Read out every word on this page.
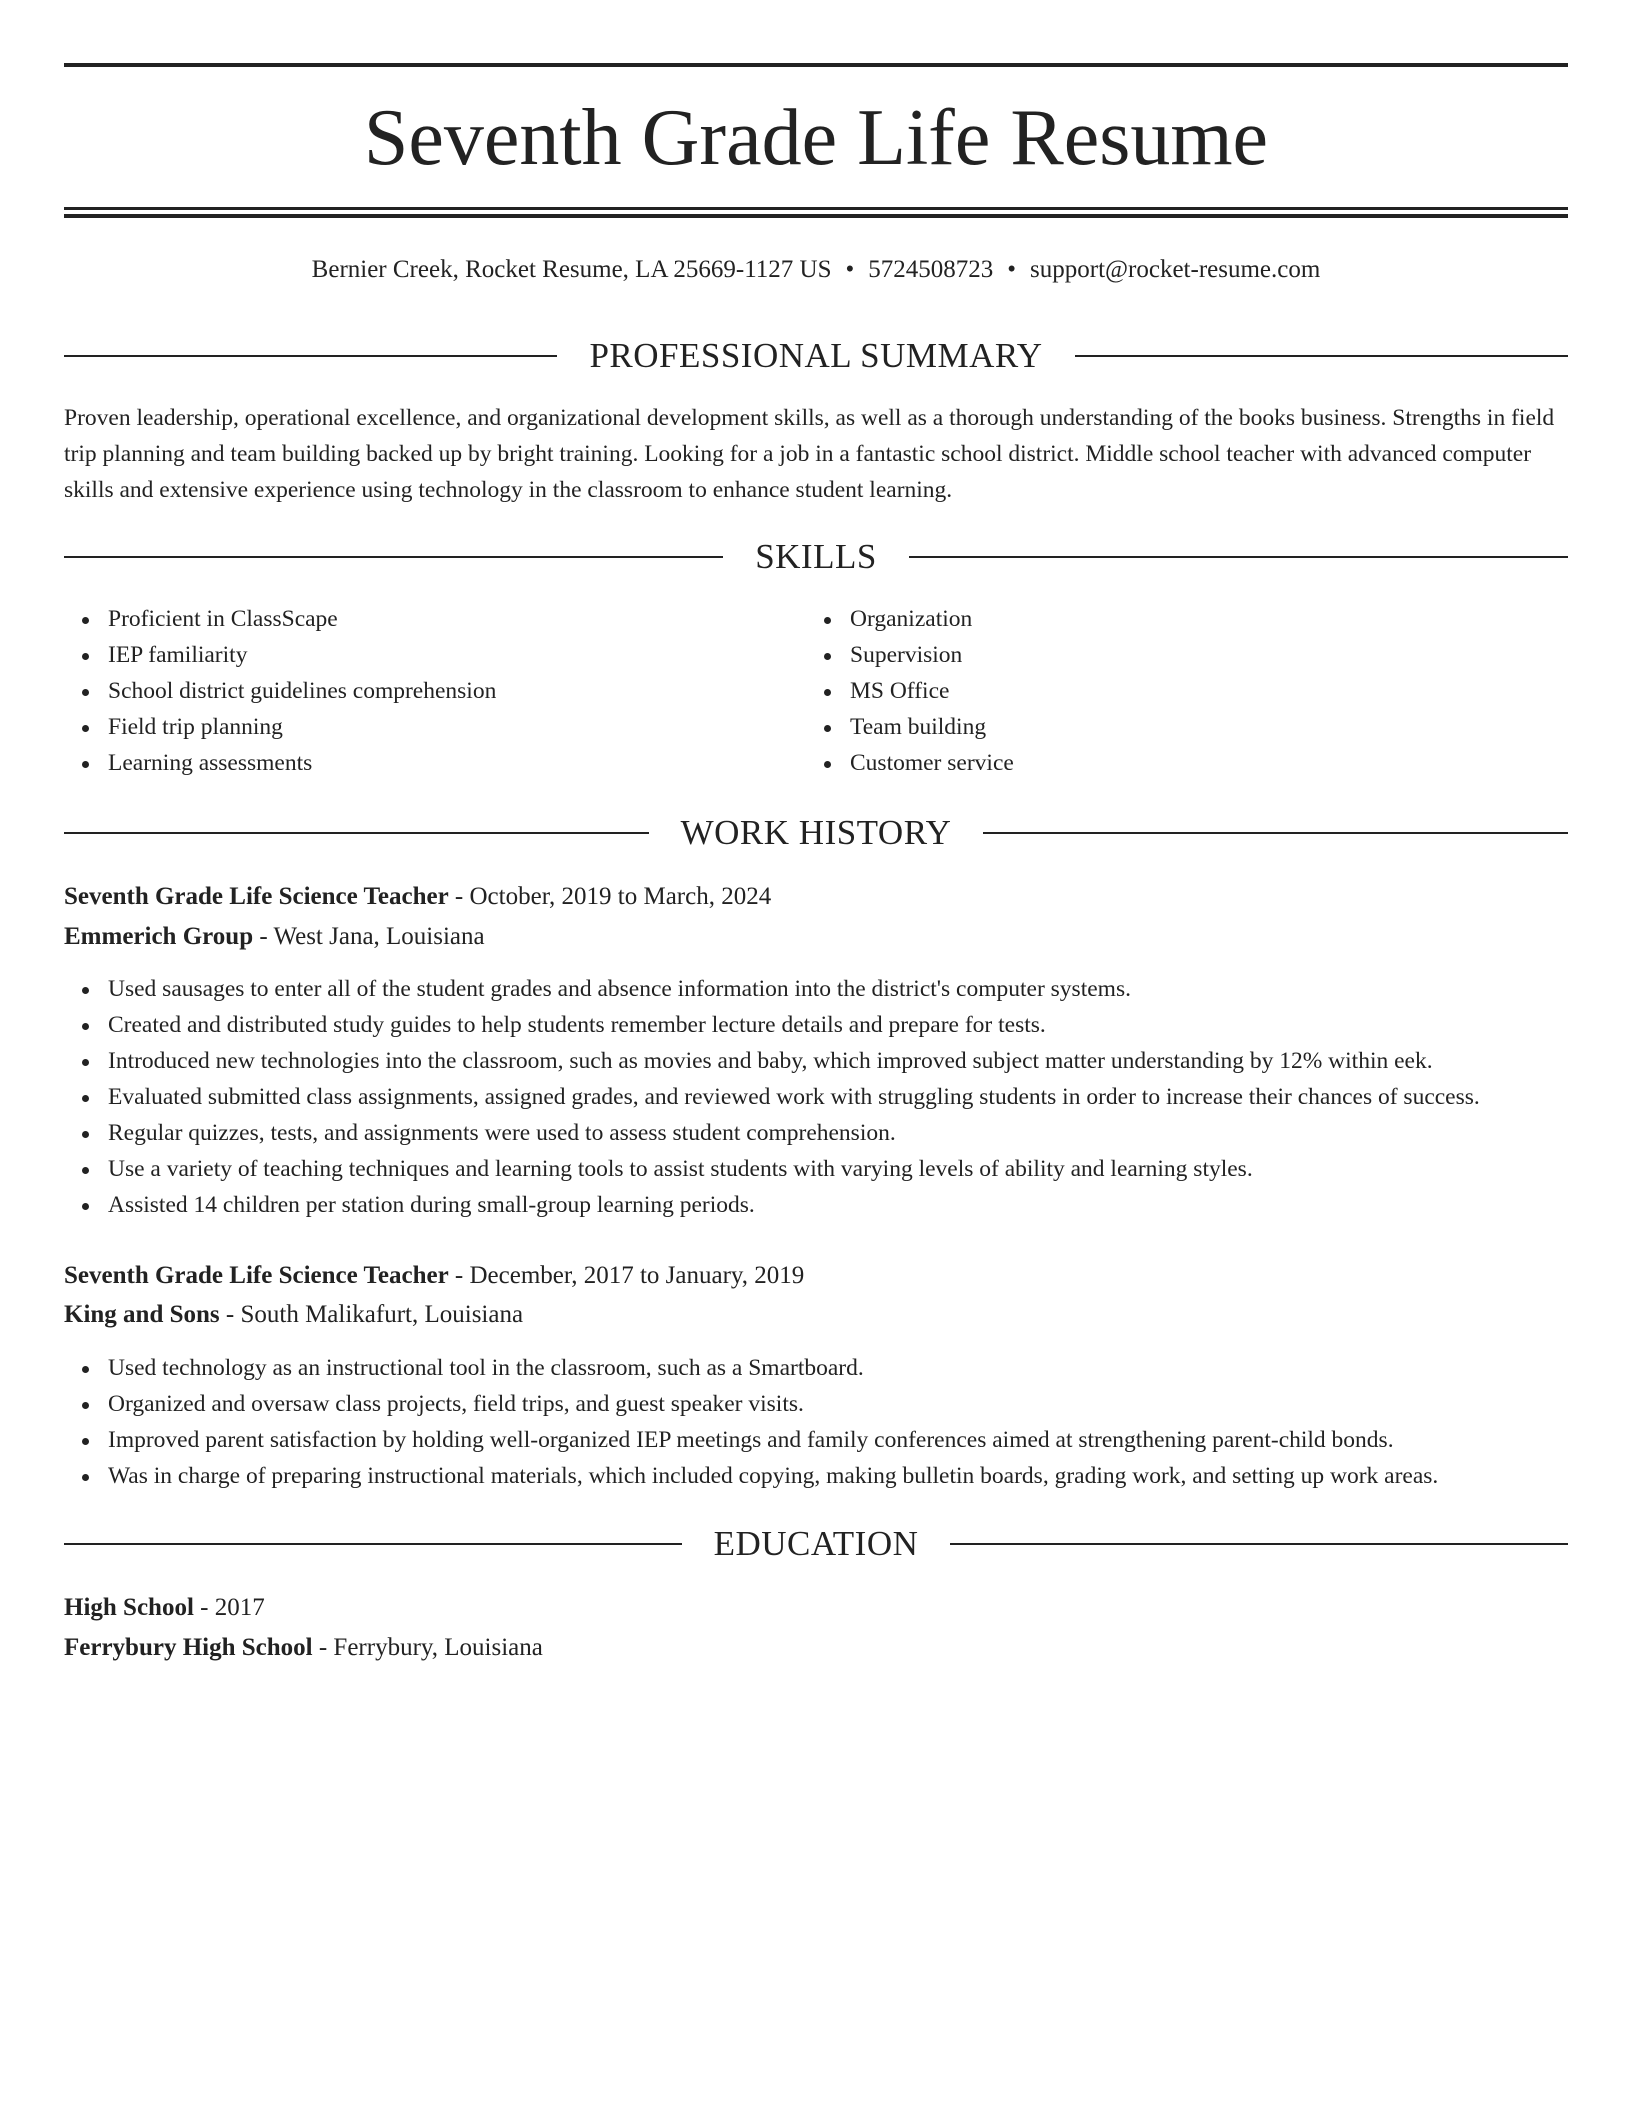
Seventh Grade Life Resume
Bernier Creek, Rocket Resume, LA 25669-1127 US • 5724508723 • support@rocket-resume.com
PROFESSIONAL SUMMARY

Proven leadership, operational excellence, and organizational development skills, as well as a thorough understanding of the books business. Strengths in field trip planning and team building backed up by bright training. Looking for a job in a fantastic school district. Middle school teacher with advanced computer skills and extensive experience using technology in the classroom to enhance student learning.

SKILLS
Proficient in ClassScape
IEP familiarity
School district guidelines comprehension
Field trip planning
Learning assessments
Organization
Supervision
MS Office
Team building
Customer service
WORK HISTORY
Seventh Grade Life Science Teacher - October, 2019 to March, 2024
Emmerich Group - West Jana, Louisiana
Used sausages to enter all of the student grades and absence information into the district's computer systems.
Created and distributed study guides to help students remember lecture details and prepare for tests.
Introduced new technologies into the classroom, such as movies and baby, which improved subject matter understanding by 12% within eek.
Evaluated submitted class assignments, assigned grades, and reviewed work with struggling students in order to increase their chances of success.
Regular quizzes, tests, and assignments were used to assess student comprehension.
Use a variety of teaching techniques and learning tools to assist students with varying levels of ability and learning styles.
Assisted 14 children per station during small-group learning periods.
Seventh Grade Life Science Teacher - December, 2017 to January, 2019
King and Sons - South Malikafurt, Louisiana
Used technology as an instructional tool in the classroom, such as a Smartboard.
Organized and oversaw class projects, field trips, and guest speaker visits.
Improved parent satisfaction by holding well-organized IEP meetings and family conferences aimed at strengthening parent-child bonds.
Was in charge of preparing instructional materials, which included copying, making bulletin boards, grading work, and setting up work areas.
EDUCATION
High School - 2017
Ferrybury High School - Ferrybury, Louisiana
